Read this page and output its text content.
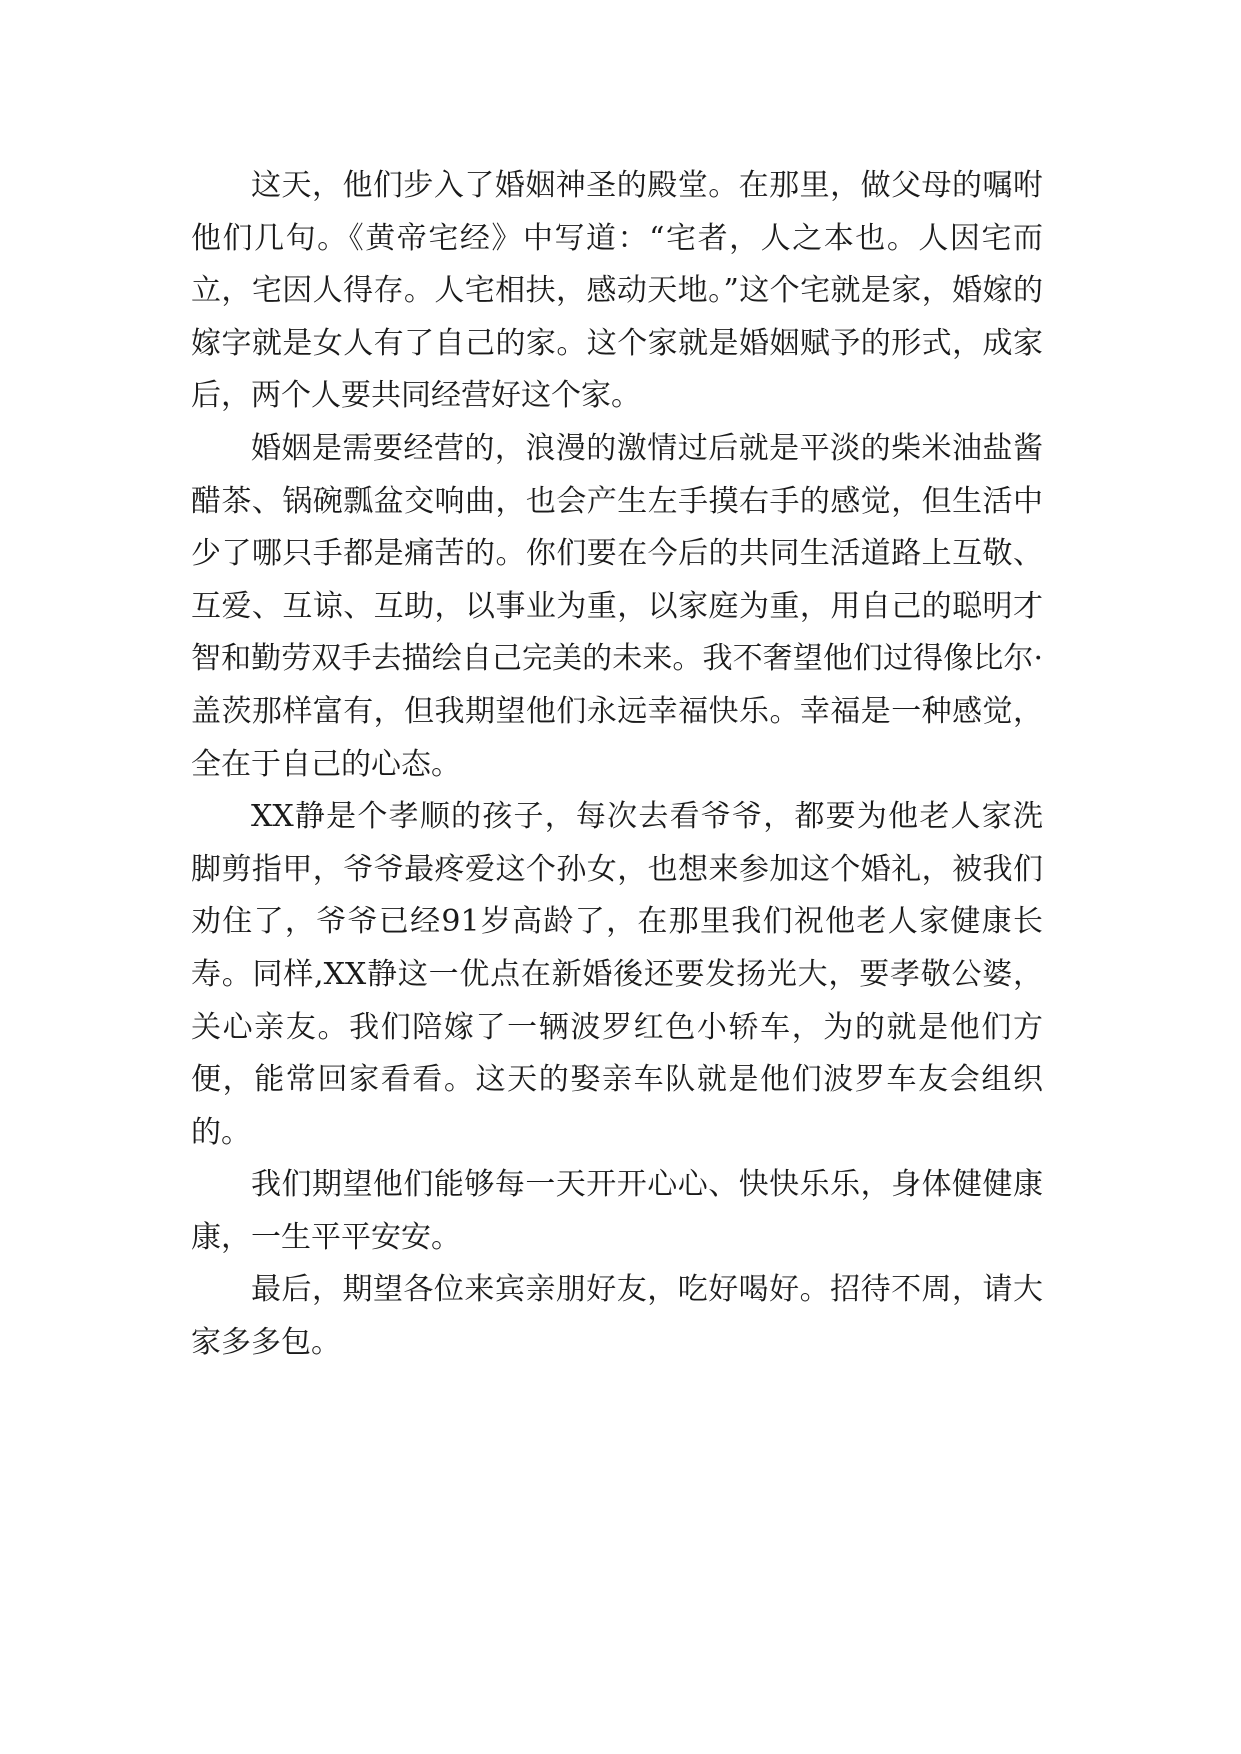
这天，他们步入了婚姻神圣的殿堂。在那里，做父母的嘱咐他们几句。《黄帝宅经》中写道：“宅者，人之本也。人因宅而立，宅因人得存。人宅相扶，感动天地。”这个宅就是家，婚嫁的嫁字就是女人有了自己的家。这个家就是婚姻赋予的形式，成家后，两个人要共同经营好这个家。

婚姻是需要经营的，浪漫的激情过后就是平淡的柴米油盐酱醋茶、锅碗瓢盆交响曲，也会产生左手摸右手的感觉，但生活中少了哪只手都是痛苦的。你们要在今后的共同生活道路上互敬、互爱、互谅、互助，以事业为重，以家庭为重，用自己的聪明才智和勤劳双手去描绘自己完美的未来。我不奢望他们过得像比尔·盖茨那样富有，但我期望他们永远幸福快乐。幸福是一种感觉，全在于自己的心态。

XX静是个孝顺的孩子，每次去看爷爷，都要为他老人家洗脚剪指甲，爷爷最疼爱这个孙女，也想来参加这个婚礼，被我们劝住了，爷爷已经91岁高龄了，在那里我们祝他老人家健康长寿。同样,XX静这一优点在新婚後还要发扬光大，要孝敬公婆，关心亲友。我们陪嫁了一辆波罗红色小轿车，为的就是他们方便，能常回家看看。这天的娶亲车队就是他们波罗车友会组织的。

我们期望他们能够每一天开开心心、快快乐乐，身体健健康康，一生平平安安。

最后，期望各位来宾亲朋好友，吃好喝好。招待不周，请大家多多包。
